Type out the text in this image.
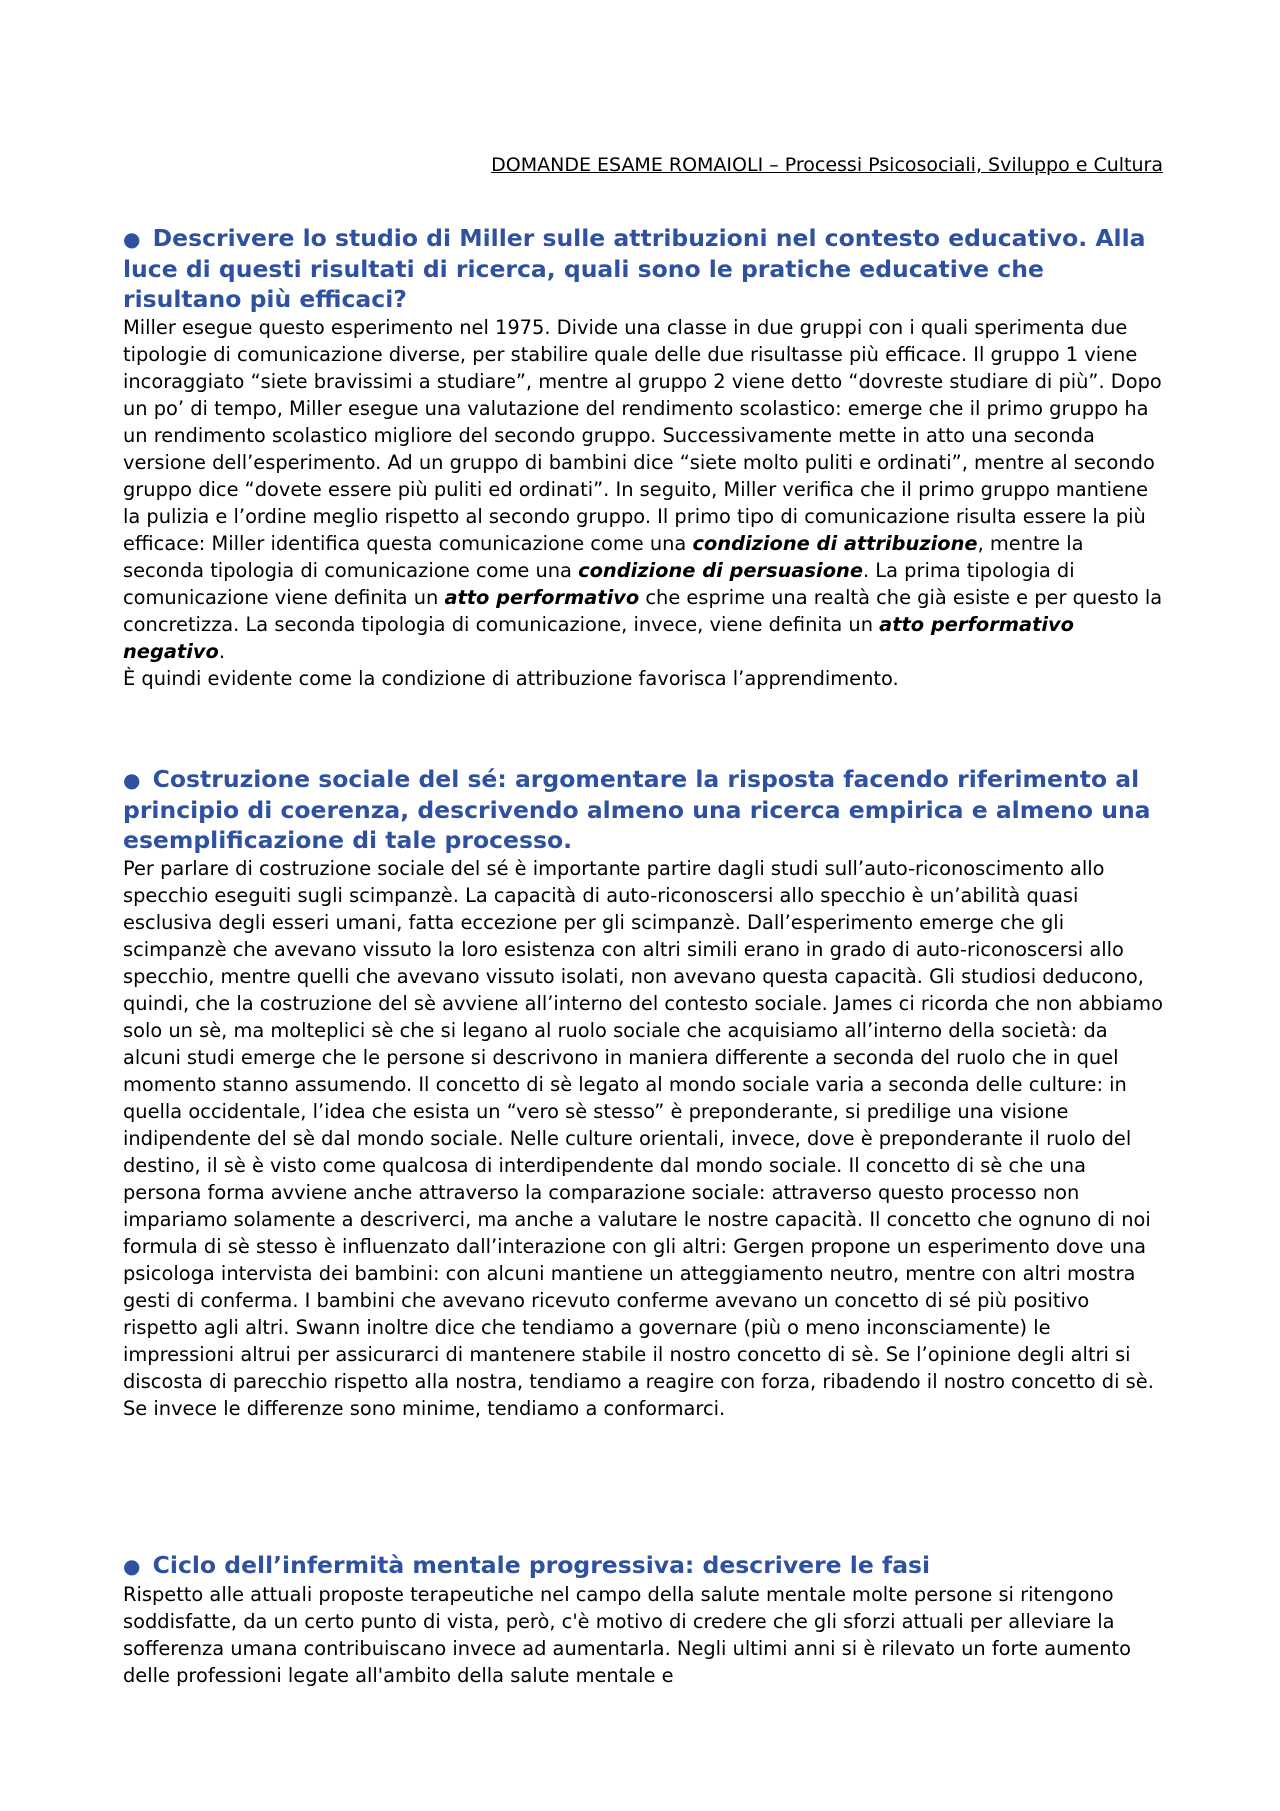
DOMANDE ESAME ROMAIOLI – Processi Psicosociali, Sviluppo e Cultura

● Descrivere lo studio di Miller sulle attribuzioni nel contesto educativo. Alla luce di questi risultati di ricerca, quali sono le pratiche educative che risultano più efficaci?

Miller esegue questo esperimento nel 1975. Divide una classe in due gruppi con i quali sperimenta due tipologie di comunicazione diverse, per stabilire quale delle due risultasse più efficace. Il gruppo 1 viene incoraggiato “siete bravissimi a studiare”, mentre al gruppo 2 viene detto “dovreste studiare di più”. Dopo un po’ di tempo, Miller esegue una valutazione del rendimento scolastico: emerge che il primo gruppo ha un rendimento scolastico migliore del secondo gruppo. Successivamente mette in atto una seconda versione dell’esperimento. Ad un gruppo di bambini dice “siete molto puliti e ordinati”, mentre al secondo gruppo dice “dovete essere più puliti ed ordinati”. In seguito, Miller verifica che il primo gruppo mantiene la pulizia e l’ordine meglio rispetto al secondo gruppo. Il primo tipo di comunicazione risulta essere la più efficace: Miller identifica questa comunicazione come una condizione di attribuzione, mentre la seconda tipologia di comunicazione come una condizione di persuasione. La prima tipologia di comunicazione viene definita un atto performativo che esprime una realtà che già esiste e per questo la concretizza. La seconda tipologia di comunicazione, invece, viene definita un atto performativo negativo.

È quindi evidente come la condizione di attribuzione favorisca l’apprendimento.

● Costruzione sociale del sé: argomentare la risposta facendo riferimento al principio di coerenza, descrivendo almeno una ricerca empirica e almeno una esemplificazione di tale processo.

Per parlare di costruzione sociale del sé è importante partire dagli studi sull’auto-riconoscimento allo specchio eseguiti sugli scimpanzè. La capacità di auto-riconoscersi allo specchio è un’abilità quasi esclusiva degli esseri umani, fatta eccezione per gli scimpanzè. Dall’esperimento emerge che gli scimpanzè che avevano vissuto la loro esistenza con altri simili erano in grado di auto-riconoscersi allo specchio, mentre quelli che avevano vissuto isolati, non avevano questa capacità. Gli studiosi deducono, quindi, che la costruzione del sè avviene all’interno del contesto sociale. James ci ricorda che non abbiamo solo un sè, ma molteplici sè che si legano al ruolo sociale che acquisiamo all’interno della società: da alcuni studi emerge che le persone si descrivono in maniera differente a seconda del ruolo che in quel momento stanno assumendo. Il concetto di sè legato al mondo sociale varia a seconda delle culture: in quella occidentale, l’idea che esista un “vero sè stesso” è preponderante, si predilige una visione indipendente del sè dal mondo sociale. Nelle culture orientali, invece, dove è preponderante il ruolo del destino, il sè è visto come qualcosa di interdipendente dal mondo sociale. Il concetto di sè che una persona forma avviene anche attraverso la comparazione sociale: attraverso questo processo non impariamo solamente a descriverci, ma anche a valutare le nostre capacità. Il concetto che ognuno di noi formula di sè stesso è influenzato dall’interazione con gli altri: Gergen propone un esperimento dove una psicologa intervista dei bambini: con alcuni mantiene un atteggiamento neutro, mentre con altri mostra gesti di conferma. I bambini che avevano ricevuto conferme avevano un concetto di sé più positivo rispetto agli altri. Swann inoltre dice che tendiamo a governare (più o meno inconsciamente) le impressioni altrui per assicurarci di mantenere stabile il nostro concetto di sè. Se l’opinione degli altri si discosta di parecchio rispetto alla nostra, tendiamo a reagire con forza, ribadendo il nostro concetto di sè. Se invece le differenze sono minime, tendiamo a conformarci.

● Ciclo dell’infermità mentale progressiva: descrivere le fasi

Rispetto alle attuali proposte terapeutiche nel campo della salute mentale molte persone si ritengono soddisfatte, da un certo punto di vista, però, c'è motivo di credere che gli sforzi attuali per alleviare la sofferenza umana contribuiscano invece ad aumentarla. Negli ultimi anni si è rilevato un forte aumento delle professioni legate all'ambito della salute mentale e
